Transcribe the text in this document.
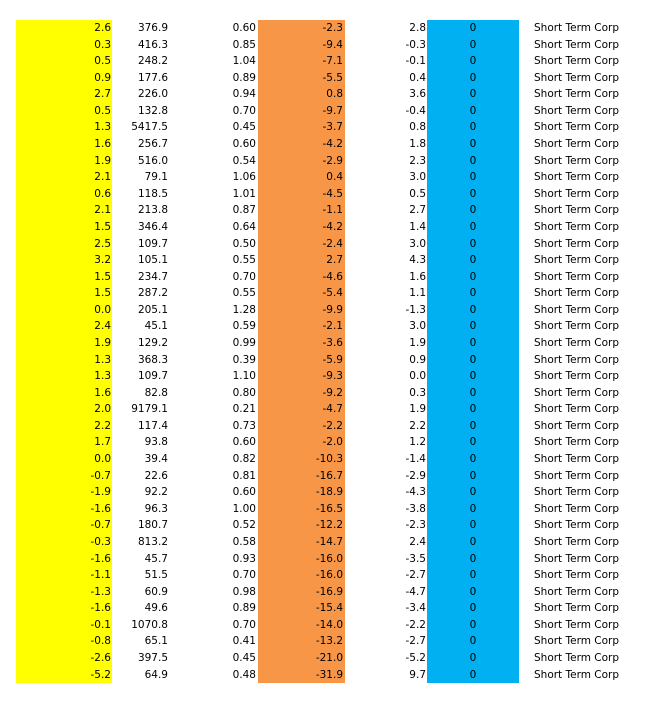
2.6	376.9	0.60	-2.3	2.8	0	Short Term Corp
0.3	416.3	0.85	-9.4	-0.3	0	Short Term Corp
0.5	248.2	1.04	-7.1	-0.1	0	Short Term Corp
0.9	177.6	0.89	-5.5	0.4	0	Short Term Corp
2.7	226.0	0.94	0.8	3.6	0	Short Term Corp
0.5	132.8	0.70	-9.7	-0.4	0	Short Term Corp
1.3	5417.5	0.45	-3.7	0.8	0	Short Term Corp
1.6	256.7	0.60	-4.2	1.8	0	Short Term Corp
1.9	516.0	0.54	-2.9	2.3	0	Short Term Corp
2.1	79.1	1.06	0.4	3.0	0	Short Term Corp
0.6	118.5	1.01	-4.5	0.5	0	Short Term Corp
2.1	213.8	0.87	-1.1	2.7	0	Short Term Corp
1.5	346.4	0.64	-4.2	1.4	0	Short Term Corp
2.5	109.7	0.50	-2.4	3.0	0	Short Term Corp
3.2	105.1	0.55	2.7	4.3	0	Short Term Corp
1.5	234.7	0.70	-4.6	1.6	0	Short Term Corp
1.5	287.2	0.55	-5.4	1.1	0	Short Term Corp
0.0	205.1	1.28	-9.9	-1.3	0	Short Term Corp
2.4	45.1	0.59	-2.1	3.0	0	Short Term Corp
1.9	129.2	0.99	-3.6	1.9	0	Short Term Corp
1.3	368.3	0.39	-5.9	0.9	0	Short Term Corp
1.3	109.7	1.10	-9.3	0.0	0	Short Term Corp
1.6	82.8	0.80	-9.2	0.3	0	Short Term Corp
2.0	9179.1	0.21	-4.7	1.9	0	Short Term Corp
2.2	117.4	0.73	-2.2	2.2	0	Short Term Corp
1.7	93.8	0.60	-2.0	1.2	0	Short Term Corp
0.0	39.4	0.82	-10.3	-1.4	0	Short Term Corp
-0.7	22.6	0.81	-16.7	-2.9	0	Short Term Corp
-1.9	92.2	0.60	-18.9	-4.3	0	Short Term Corp
-1.6	96.3	1.00	-16.5	-3.8	0	Short Term Corp
-0.7	180.7	0.52	-12.2	-2.3	0	Short Term Corp
-0.3	813.2	0.58	-14.7	2.4	0	Short Term Corp
-1.6	45.7	0.93	-16.0	-3.5	0	Short Term Corp
-1.1	51.5	0.70	-16.0	-2.7	0	Short Term Corp
-1.3	60.9	0.98	-16.9	-4.7	0	Short Term Corp
-1.6	49.6	0.89	-15.4	-3.4	0	Short Term Corp
-0.1	1070.8	0.70	-14.0	-2.2	0	Short Term Corp
-0.8	65.1	0.41	-13.2	-2.7	0	Short Term Corp
-2.6	397.5	0.45	-21.0	-5.2	0	Short Term Corp
-5.2	64.9	0.48	-31.9	9.7	0	Short Term Corp
